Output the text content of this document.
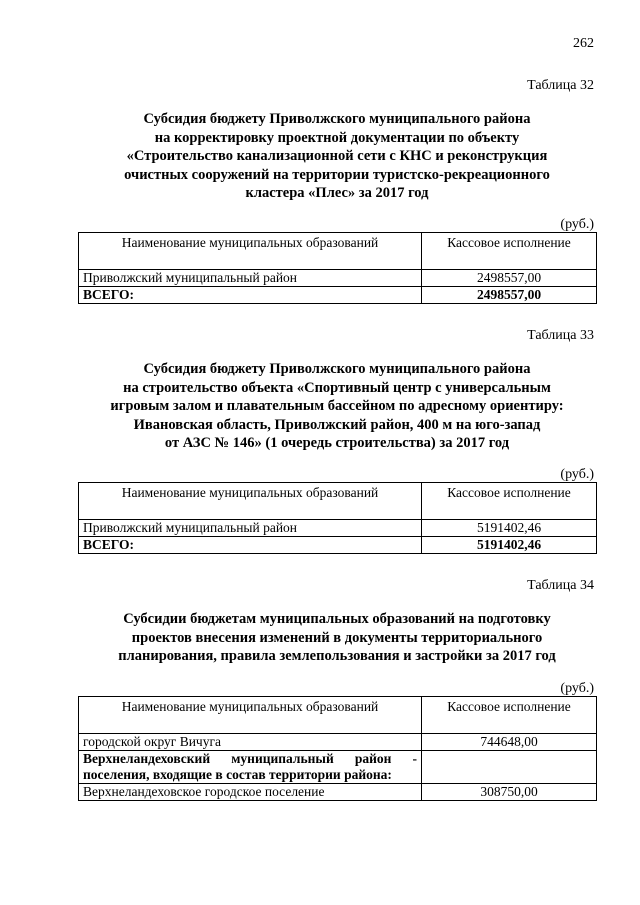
262
Таблица 32
Субсидия бюджету Приволжского муниципального района
на корректировку проектной документации по объекту
«Строительство канализационной сети с КНС и реконструкция
очистных сооружений на территории туристско-рекреационного
кластера «Плес» за 2017 год
(руб.)
Наименование муниципальных образований	Кассовое исполнение
Приволжский муниципальный район	2498557,00
ВСЕГО:	2498557,00
Таблица 33
Субсидия бюджету Приволжского муниципального района
на строительство объекта «Спортивный центр с универсальным
игровым залом и плавательным бассейном по адресному ориентиру:
Ивановская область, Приволжский район, 400 м на юго-запад
от АЗС № 146» (1 очередь строительства) за 2017 год
(руб.)
Наименование муниципальных образований	Кассовое исполнение
Приволжский муниципальный район	5191402,46
ВСЕГО:	5191402,46
Таблица 34
Субсидии бюджетам муниципальных образований на подготовку
проектов внесения изменений в документы территориального
планирования, правила землепользования и застройки за 2017 год
(руб.)
Наименование муниципальных образований	Кассовое исполнение
городской округ Вичуга	744648,00
Верхнеландеховский муниципальный район - поселения, входящие в состав территории района:	
Верхнеландеховское городское поселение	308750,00
